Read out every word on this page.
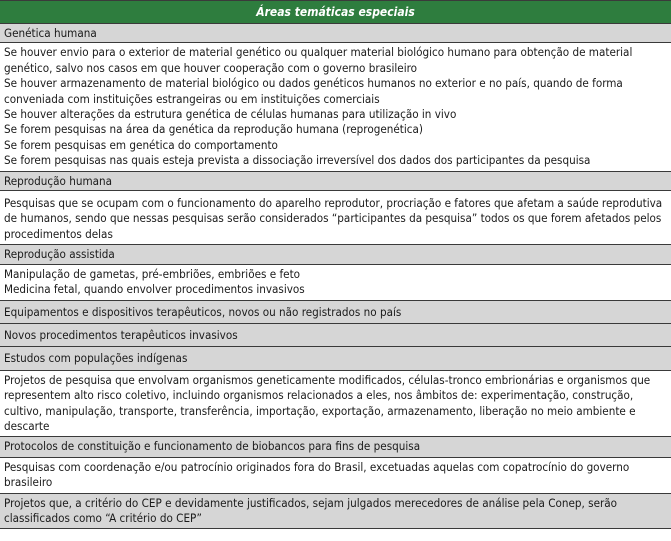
Áreas temáticas especiais
Genética humana
Se houver envio para o exterior de material genético ou qualquer material biológico humano para obtenção de material genético, salvo nos casos em que houver cooperação com o governo brasileiro
Se houver armazenamento de material biológico ou dados genéticos humanos no exterior e no país, quando de forma conveniada com instituições estrangeiras ou em instituições comerciais
Se houver alterações da estrutura genética de células humanas para utilização in vivo
Se forem pesquisas na área da genética da reprodução humana (reprogenética)
Se forem pesquisas em genética do comportamento
Se forem pesquisas nas quais esteja prevista a dissociação irreversível dos dados dos participantes da pesquisa
Reprodução humana
Pesquisas que se ocupam com o funcionamento do aparelho reprodutor, procriação e fatores que afetam a saúde reprodutiva de humanos, sendo que nessas pesquisas serão considerados “participantes da pesquisa” todos os que forem afetados pelos procedimentos delas
Reprodução assistida
Manipulação de gametas, pré-embriões, embriões e feto
Medicina fetal, quando envolver procedimentos invasivos
Equipamentos e dispositivos terapêuticos, novos ou não registrados no país
Novos procedimentos terapêuticos invasivos
Estudos com populações indígenas
Projetos de pesquisa que envolvam organismos geneticamente modificados, células-tronco embrionárias e organismos que representem alto risco coletivo, incluindo organismos relacionados a eles, nos âmbitos de: experimentação, construção, cultivo, manipulação, transporte, transferência, importação, exportação, armazenamento, liberação no meio ambiente e descarte
Protocolos de constituição e funcionamento de biobancos para fins de pesquisa
Pesquisas com coordenação e/ou patrocínio originados fora do Brasil, excetuadas aquelas com copatrocínio do governo brasileiro
Projetos que, a critério do CEP e devidamente justificados, sejam julgados merecedores de análise pela Conep, serão classificados como “A critério do CEP”
